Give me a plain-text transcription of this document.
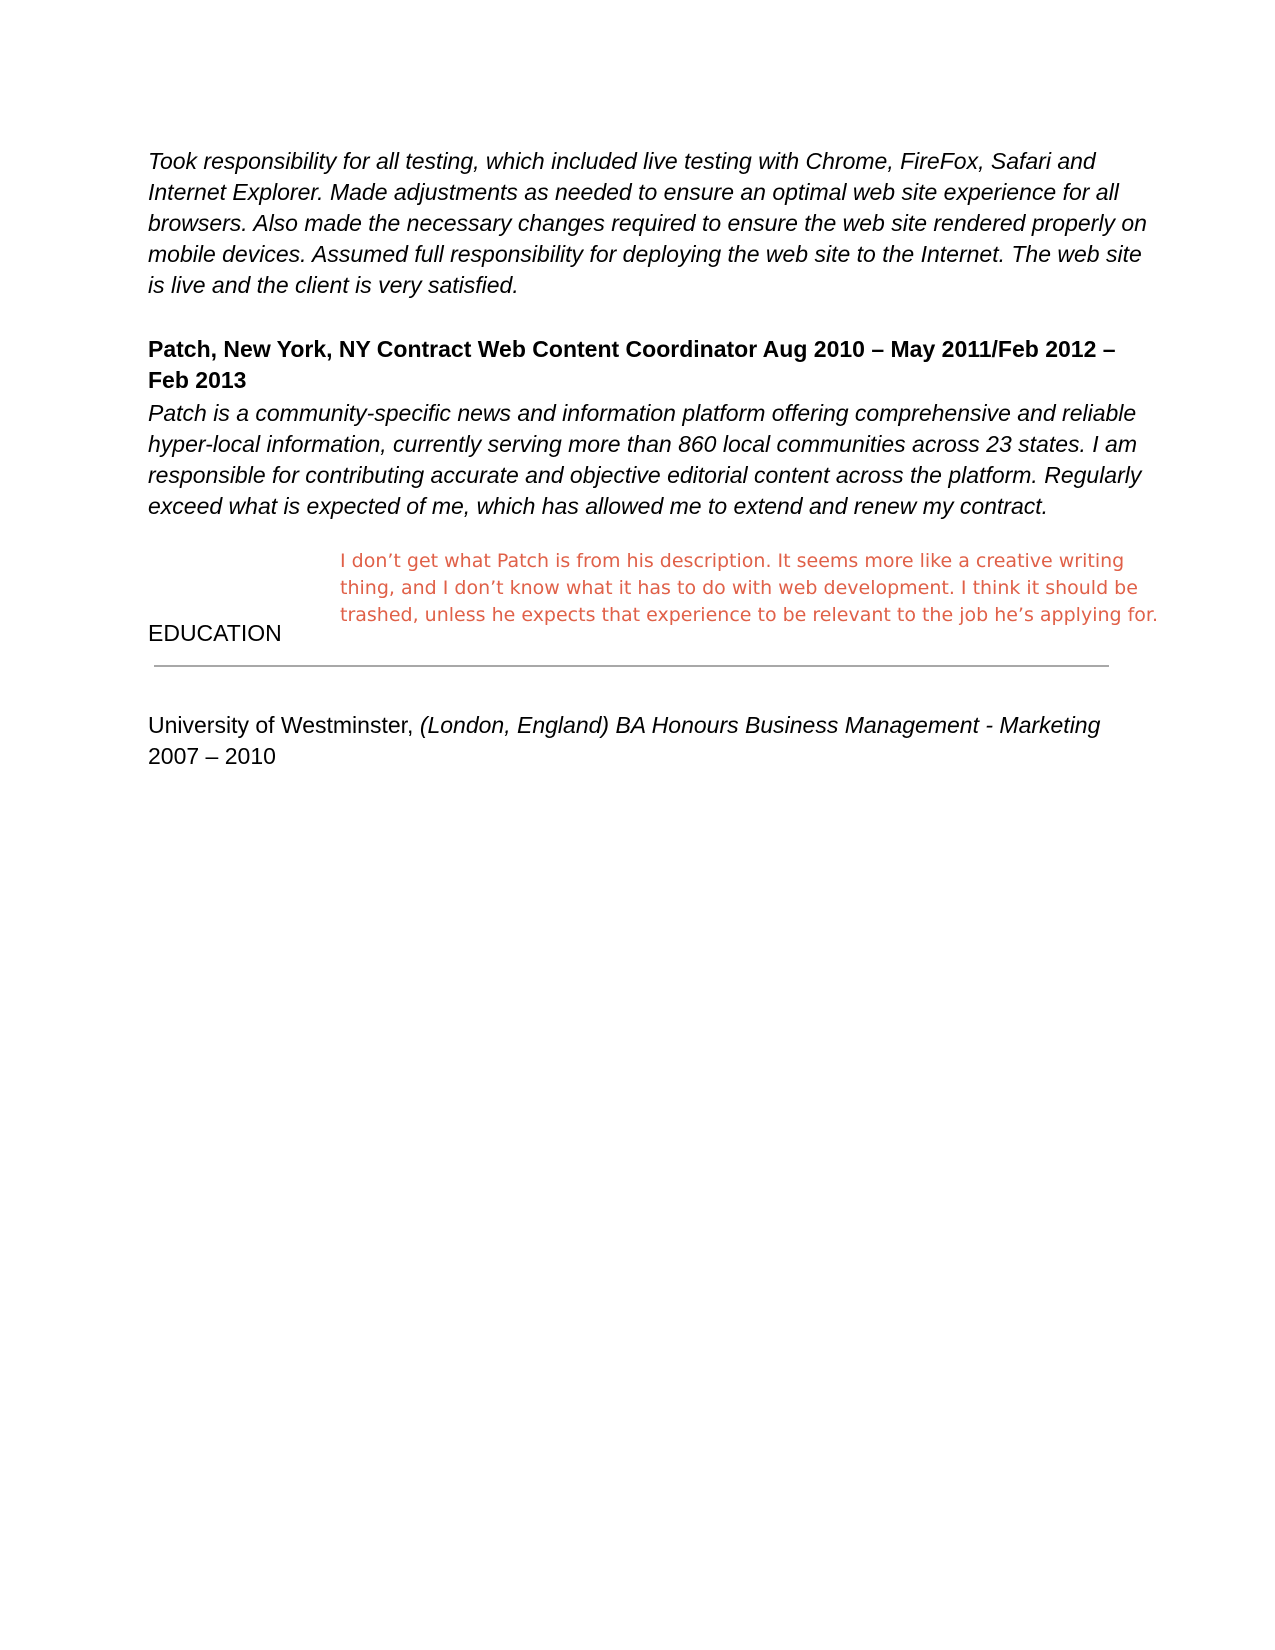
Took responsibility for all testing, which included live testing with Chrome, FireFox, Safari and Internet Explorer. Made adjustments as needed to ensure an optimal web site experience for all browsers. Also made the necessary changes required to ensure the web site rendered properly on mobile devices. Assumed full responsibility for deploying the web site to the Internet. The web site is live and the client is very satisfied.

Patch, New York, NY Contract Web Content Coordinator Aug 2010 – May 2011/Feb 2012 – Feb 2013

Patch is a community-specific news and information platform offering comprehensive and reliable hyper-local information, currently serving more than 860 local communities across 23 states. I am responsible for contributing accurate and objective editorial content across the platform. Regularly exceed what is expected of me, which has allowed me to extend and renew my contract.

I don’t get what Patch is from his description. It seems more like a creative writing thing, and I don’t know what it has to do with web development. I think it should be trashed, unless he expects that experience to be relevant to the job he’s applying for.

EDUCATION

University of Westminster, (London, England) BA Honours Business Management - Marketing
2007 – 2010
